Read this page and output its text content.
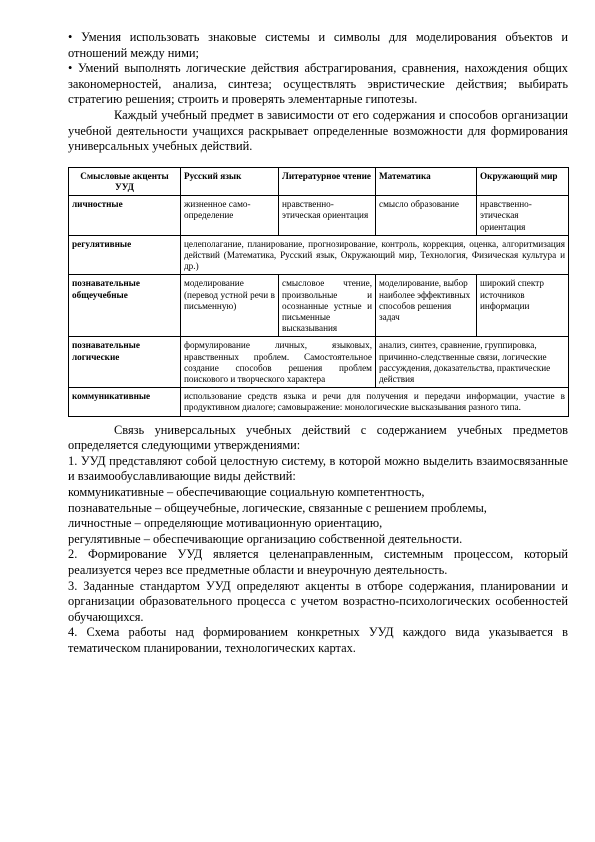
• Умения использовать знаковые системы и символы для моделирования объектов и отношений между ними;

• Умений выполнять логические действия абстрагирования, сравнения, нахождения общих закономерностей, анализа, синтеза; осуществлять эвристические действия; выбирать стратегию решения; строить и проверять элементарные гипотезы.

Каждый учебный предмет в зависимости от его содержания и способов организации учебной деятельности учащихся раскрывает определенные возможности для формирования универсальных учебных действий.

Смысловые акценты УУД	Русский язык	Литературное чтение	Математика	Окружающий мир
личностные	жизненное само-определение	нравственно-этическая ориентация	смысло образование	нравственно-этическая ориентация
регулятивные	целеполагание, планирование, прогнозирование, контроль, коррекция, оценка, алгоритмизация действий (Математика, Русский язык, Окружающий мир, Технология, Физическая культура и др.)			
познавательные общеучебные	моделирование (перевод устной речи в письменную)	смысловое чтение, произвольные и осознанные устные и письменные высказывания	моделирование, выбор наиболее эффективных способов решения задач	широкий спектр источников информации
познавательные логические	формулирование личных, языковых, нравственных проблем. Самостоятельное создание способов решения проблем поискового и творческого характера		анализ, синтез, сравнение, группировка, причинно-следственные связи, логические рассуждения, доказательства, практические действия	
коммуникативные	использование средств языка и речи для получения и передачи информации, участие в продуктивном диалоге; самовыражение: монологические высказывания разного типа.			

Связь универсальных учебных действий с содержанием учебных предметов определяется следующими утверждениями:

1. УУД представляют собой целостную систему, в которой можно выделить взаимосвязанные и взаимообуславливающие виды действий:

коммуникативные – обеспечивающие социальную компетентность,

познавательные – общеучебные, логические, связанные с решением проблемы,

личностные – определяющие мотивационную ориентацию,

регулятивные – обеспечивающие организацию собственной деятельности.

2. Формирование УУД является целенаправленным, системным процессом, который реализуется через все предметные области и внеурочную деятельность.

3. Заданные стандартом УУД определяют акценты в отборе содержания, планировании и организации образовательного процесса с учетом возрастно-психологических особенностей обучающихся.

4. Схема работы над формированием конкретных УУД каждого вида указывается в тематическом планировании, технологических картах.
